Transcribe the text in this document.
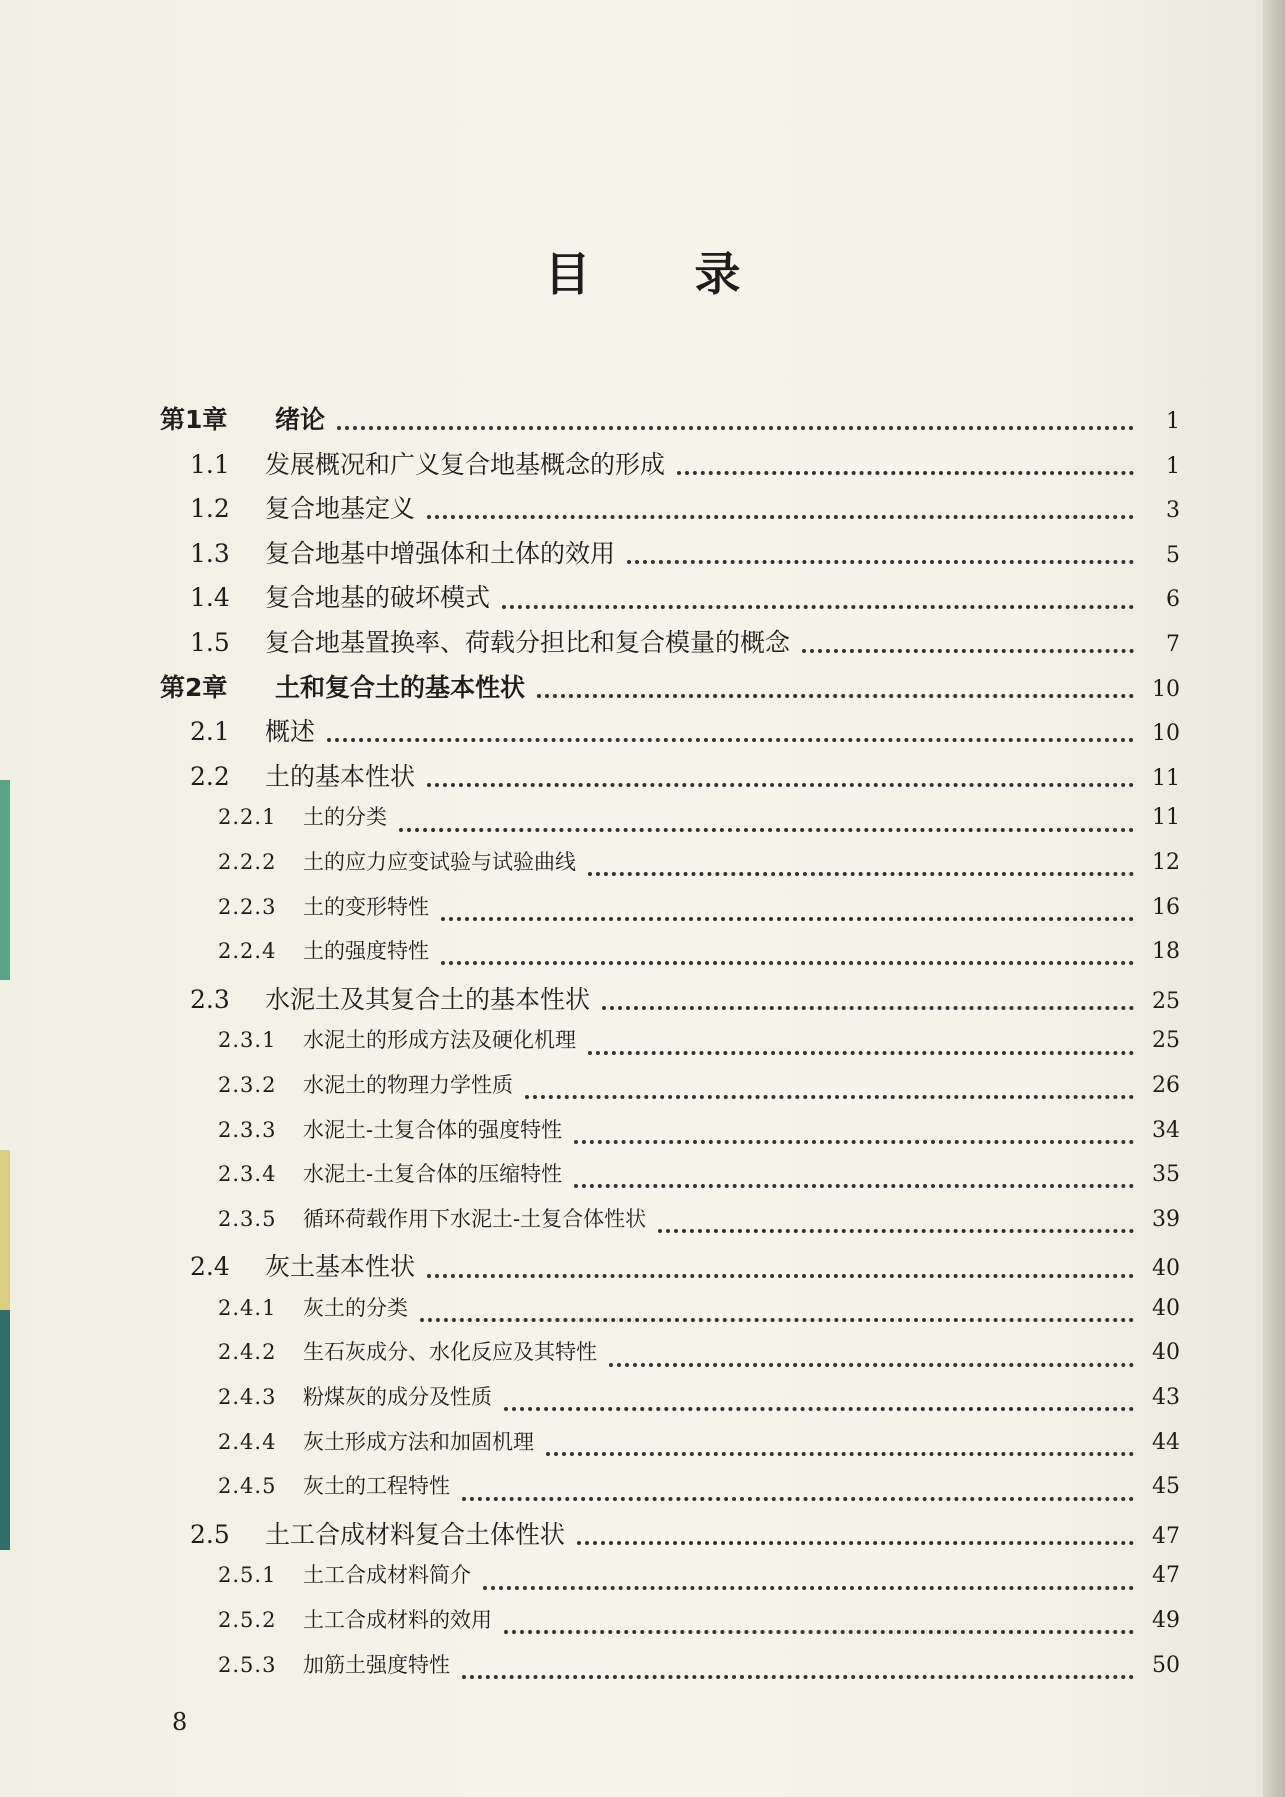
目 录
第1章	绪论	1
1.1	发展概况和广义复合地基概念的形成	1
1.2	复合地基定义	3
1.3	复合地基中增强体和土体的效用	5
1.4	复合地基的破坏模式	6
1.5	复合地基置换率、荷载分担比和复合模量的概念	7
第2章	土和复合土的基本性状	10
2.1	概述	10
2.2	土的基本性状	11
2.2.1	土的分类	11
2.2.2	土的应力应变试验与试验曲线	12
2.2.3	土的变形特性	16
2.2.4	土的强度特性	18
2.3	水泥土及其复合土的基本性状	25
2.3.1	水泥土的形成方法及硬化机理	25
2.3.2	水泥土的物理力学性质	26
2.3.3	水泥土-土复合体的强度特性	34
2.3.4	水泥土-土复合体的压缩特性	35
2.3.5	循环荷载作用下水泥土-土复合体性状	39
2.4	灰土基本性状	40
2.4.1	灰土的分类	40
2.4.2	生石灰成分、水化反应及其特性	40
2.4.3	粉煤灰的成分及性质	43
2.4.4	灰土形成方法和加固机理	44
2.4.5	灰土的工程特性	45
2.5	土工合成材料复合土体性状	47
2.5.1	土工合成材料简介	47
2.5.2	土工合成材料的效用	49
2.5.3	加筋土强度特性	50
8
